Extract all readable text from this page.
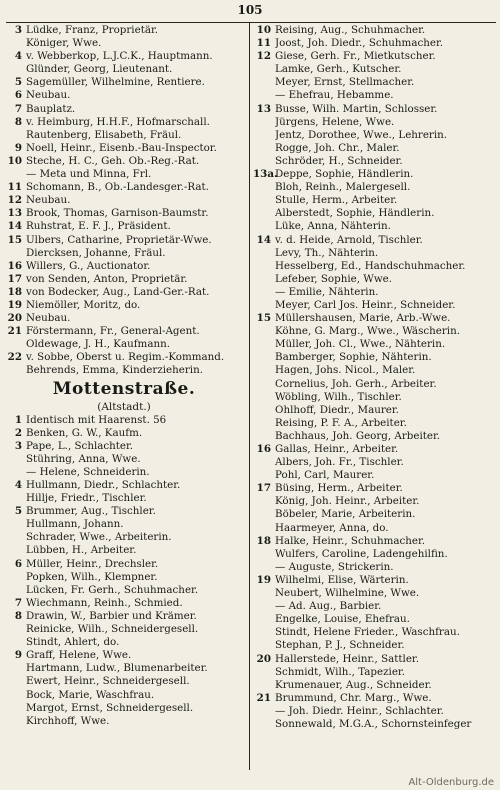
105
3 Lüdke, Franz, Proprietär.
Königer, Wwe.
4 v. Webberkop, L.J.C.K., Hauptmann.
Glünder, Georg, Lieutenant.
5 Sagemüller, Wilhelmine, Rentiere.
6 Neubau.
7 Bauplatz.
8 v. Heimburg, H.H.F., Hofmarschall.
Rautenberg, Elisabeth, Fräul.
9 Noell, Heinr., Eisenb.-Bau-Inspector.
10 Steche, H. C., Geh. Ob.-Reg.-Rat.
— Meta und Minna, Frl.
11 Schomann, B., Ob.-Landesger.-Rat.
12 Neubau.
13 Brook, Thomas, Garnison-Baumstr.
14 Ruhstrat, E. F. J., Präsident.
15 Ulbers, Catharine, Proprietär-Wwe.
Diercksen, Johanne, Fräul.
16 Willers, G., Auctionator.
17 von Senden, Anton, Proprietär.
18 von Bodecker, Aug., Land-Ger.-Rat.
19 Niemöller, Moritz, do.
20 Neubau.
21 Förstermann, Fr., General-Agent.
Oldewage, J. H., Kaufmann.
22 v. Sobbe, Oberst u. Regim.-Kommand.
Behrends, Emma, Kinderzieherin.
Mottenstraße.
(Altstadt.)
1 Identisch mit Haarenst. 56
2 Benken, G. W., Kaufm.
3 Pape, L., Schlachter.
Stühring, Anna, Wwe.
— Helene, Schneiderin.
4 Hullmann, Diedr., Schlachter.
Hillje, Friedr., Tischler.
5 Brummer, Aug., Tischler.
Hullmann, Johann.
Schrader, Wwe., Arbeiterin.
Lübben, H., Arbeiter.
6 Müller, Heinr., Drechsler.
Popken, Wilh., Klempner.
Lücken, Fr. Gerh., Schuhmacher.
7 Wiechmann, Reinh., Schmied.
8 Drawin, W., Barbier und Krämer.
Reinicke, Wilh., Schneidergesell.
Stindt, Ahlert, do.
9 Graff, Helene, Wwe.
Hartmann, Ludw., Blumenarbeiter.
Ewert, Heinr., Schneidergesell.
Bock, Marie, Waschfrau.
Margot, Ernst, Schneidergesell.
Kirchhoff, Wwe.
10 Reising, Aug., Schuhmacher.
11 Joost, Joh. Diedr., Schuhmacher.
12 Giese, Gerh. Fr., Mietkutscher.
Lamke, Gerh., Kutscher.
Meyer, Ernst, Stellmacher.
— Ehefrau, Hebamme.
13 Busse, Wilh. Martin, Schlosser.
Jürgens, Helene, Wwe.
Jentz, Dorothee, Wwe., Lehrerin.
Rogge, Joh. Chr., Maler.
Schröder, H., Schneider.
13a.
Deppe, Sophie, Händlerin.
Bloh, Reinh., Malergesell.
Stulle, Herm., Arbeiter.
Alberstedt, Sophie, Händlerin.
Lüke, Anna, Nähterin.
14 v. d. Heide, Arnold, Tischler.
Levy, Th., Nähterin.
Hesselberg, Ed., Handschuhmacher.
Lefeber, Sophie, Wwe.
— Emilie, Nähterin.
Meyer, Carl Jos. Heinr., Schneider.
15 Müllershausen, Marie, Arb.-Wwe.
Köhne, G. Marg., Wwe., Wäscherin.
Müller, Joh. Cl., Wwe., Nähterin.
Bamberger, Sophie, Nähterin.
Hagen, Johs. Nicol., Maler.
Cornelius, Joh. Gerh., Arbeiter.
Wöbling, Wilh., Tischler.
Ohlhoff, Diedr., Maurer.
Reising, P. F. A., Arbeiter.
Bachhaus, Joh. Georg, Arbeiter.
16 Gallas, Heinr., Arbeiter.
Albers, Joh. Fr., Tischler.
Pohl, Carl, Maurer.
17 Büsing, Herm., Arbeiter.
König, Joh. Heinr., Arbeiter.
Böbeler, Marie, Arbeiterin.
Haarmeyer, Anna, do.
18 Halke, Heinr., Schuhmacher.
Wulfers, Caroline, Ladengehilfin.
— Auguste, Strickerin.
19 Wilhelmi, Elise, Wärterin.
Neubert, Wilhelmine, Wwe.
— Ad. Aug., Barbier.
Engelke, Louise, Ehefrau.
Stindt, Helene Frieder., Waschfrau.
Stephan, P. J., Schneider.
20 Hallerstede, Heinr., Sattler.
Schmidt, Wilh., Tapezier.
Krumenauer, Aug., Schneider.
21 Brummund, Chr. Marg., Wwe.
— Joh. Diedr. Heinr., Schlachter.
Sonnewald, M.G.A., Schornsteinfeger
Alt-Oldenburg.de
